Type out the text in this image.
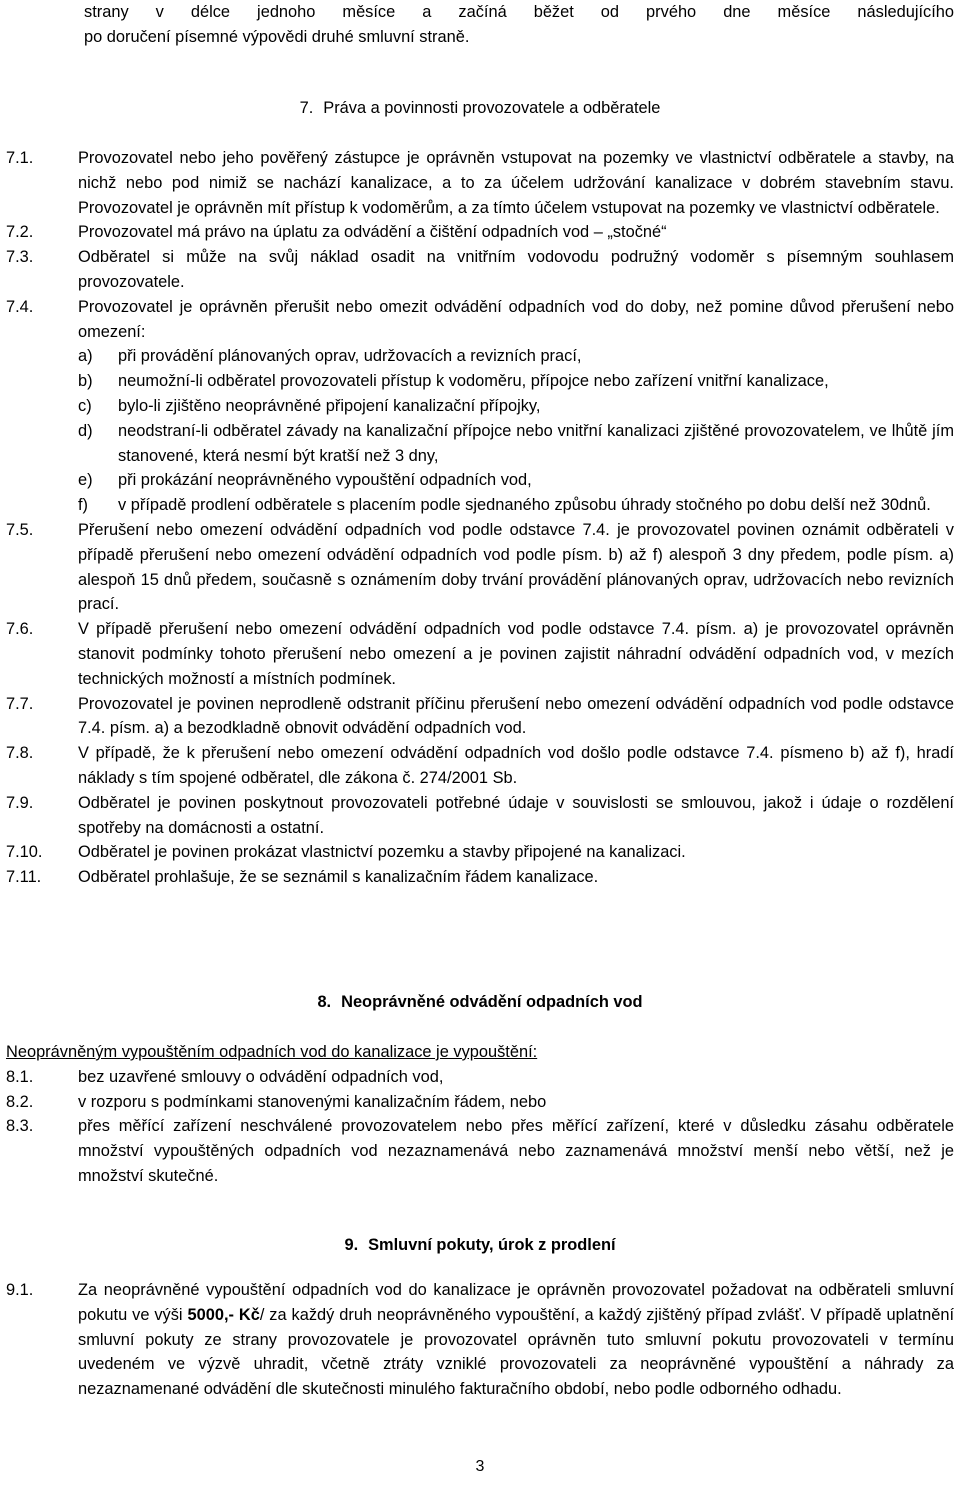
strany v délce jednoho měsíce a začíná běžet od prvého dne měsíce následujícího
po doručení písemné výpovědi druhé smluvní straně.
7. Práva a povinnosti provozovatele a odběratele
7.1.	Provozovatel nebo jeho pověřený zástupce je oprávněn vstupovat na pozemky ve vlastnictví odběratele a stavby, na nichž nebo pod nimiž se nachází kanalizace, a to za účelem udržování kanalizace v dobrém stavebním stavu. Provozovatel je oprávněn mít přístup k vodoměrům, a za tímto účelem vstupovat na pozemky ve vlastnictví odběratele.
7.2.	Provozovatel má právo na úplatu za odvádění a čištění odpadních vod – „stočné“
7.3.	Odběratel si může na svůj náklad osadit na vnitřním vodovodu podružný vodoměr s písemným souhlasem provozovatele.
7.4.	Provozovatel je oprávněn přerušit nebo omezit odvádění odpadních vod do doby, než pomine důvod přerušení nebo omezení:
a)	při provádění plánovaných oprav, udržovacích a revizních prací,
b)	neumožní-li odběratel provozovateli přístup k vodoměru, přípojce nebo zařízení vnitřní kanalizace,
c)	bylo-li zjištěno neoprávněné připojení kanalizační přípojky,
d)	neodstraní-li odběratel závady na kanalizační přípojce nebo vnitřní kanalizaci zjištěné provozovatelem, ve lhůtě jím stanovené, která nesmí být kratší než 3 dny,
e)	při prokázání neoprávněného vypouštění odpadních vod,
f)	v případě prodlení odběratele s placením podle sjednaného způsobu úhrady stočného po dobu delší než 30dnů.
7.5.	Přerušení nebo omezení odvádění odpadních vod podle odstavce 7.4. je provozovatel povinen oznámit odběrateli v případě přerušení nebo omezení odvádění odpadních vod podle písm. b) až f) alespoň 3 dny předem, podle písm. a) alespoň 15 dnů předem, současně s oznámením doby trvání provádění plánovaných oprav, udržovacích nebo revizních prací.
7.6.	V případě přerušení nebo omezení odvádění odpadních vod podle odstavce 7.4. písm. a) je provozovatel oprávněn stanovit podmínky tohoto přerušení nebo omezení a je povinen zajistit náhradní odvádění odpadních vod, v mezích technických možností a místních podmínek.
7.7.	Provozovatel je povinen neprodleně odstranit příčinu přerušení nebo omezení odvádění odpadních vod podle odstavce 7.4. písm. a) a bezodkladně obnovit odvádění odpadních vod.
7.8.	V případě, že k přerušení nebo omezení odvádění odpadních vod došlo podle odstavce 7.4. písmeno b) až f), hradí náklady s tím spojené odběratel, dle zákona č. 274/2001 Sb.
7.9.	Odběratel je povinen poskytnout provozovateli potřebné údaje v souvislosti se smlouvou, jakož i údaje o rozdělení spotřeby na domácnosti a ostatní.
7.10.	Odběratel je povinen prokázat vlastnictví pozemku a stavby připojené na kanalizaci.
7.11.	Odběratel prohlašuje, že se seznámil s kanalizačním řádem kanalizace.
8. Neoprávněné odvádění odpadních vod
Neoprávněným vypouštěním odpadních vod do kanalizace je vypouštění:
8.1.	bez uzavřené smlouvy o odvádění odpadních vod,
8.2.	v rozporu s podmínkami stanovenými kanalizačním řádem, nebo
8.3.	přes měřící zařízení neschválené provozovatelem nebo přes měřící zařízení, které v důsledku zásahu odběratele množství vypouštěných odpadních vod nezaznamenává nebo zaznamenává množství menší nebo větší, než je množství skutečné.
9. Smluvní pokuty, úrok z prodlení
9.1.	Za neoprávněné vypouštění odpadních vod do kanalizace je oprávněn provozovatel požadovat na odběrateli smluvní pokutu ve výši 5000,- Kč/ za každý druh neoprávněného vypouštění, a každý zjištěný případ zvlášť. V případě uplatnění smluvní pokuty ze strany provozovatele je provozovatel oprávněn tuto smluvní pokutu provozovateli v termínu uvedeném ve výzvě uhradit, včetně ztráty vzniklé provozovateli za neoprávněné vypouštění a náhrady za nezaznamenané odvádění dle skutečnosti minulého fakturačního období, nebo podle odborného odhadu.
3
